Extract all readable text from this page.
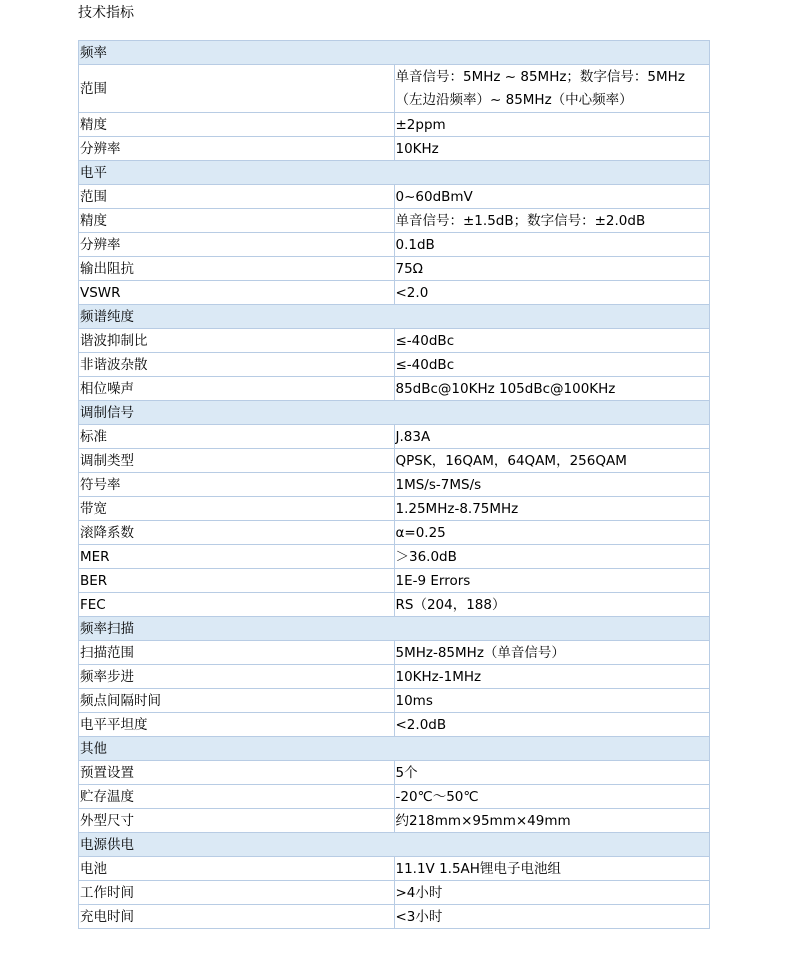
技术指标
频率	
范围	单音信号：5MHz ~ 85MHz；数字信号：5MHz（左边沿频率）~ 85MHz（中心频率）
精度	±2ppm
分辨率	10KHz
电平	
范围	0~60dBmV
精度	单音信号：±1.5dB；数字信号：±2.0dB
分辨率	0.1dB
输出阻抗	75Ω
VSWR	<2.0
频谱纯度	
谐波抑制比	≤-40dBc
非谐波杂散	≤-40dBc
相位噪声	85dBc@10KHz 105dBc@100KHz
调制信号	
标准	J.83A
调制类型	QPSK，16QAM，64QAM，256QAM
符号率	1MS/s-7MS/s
带宽	1.25MHz-8.75MHz
滚降系数	α=0.25
MER	＞36.0dB
BER	1E-9 Errors
FEC	RS（204，188）
频率扫描	
扫描范围	5MHz-85MHz（单音信号）
频率步进	10KHz-1MHz
频点间隔时间	10ms
电平平坦度	<2.0dB
其他	
预置设置	5个
贮存温度	-20℃～50℃
外型尺寸	约218mm×95mm×49mm
电源供电	
电池	11.1V 1.5AH锂电子电池组
工作时间	>4小时
充电时间	<3小时
